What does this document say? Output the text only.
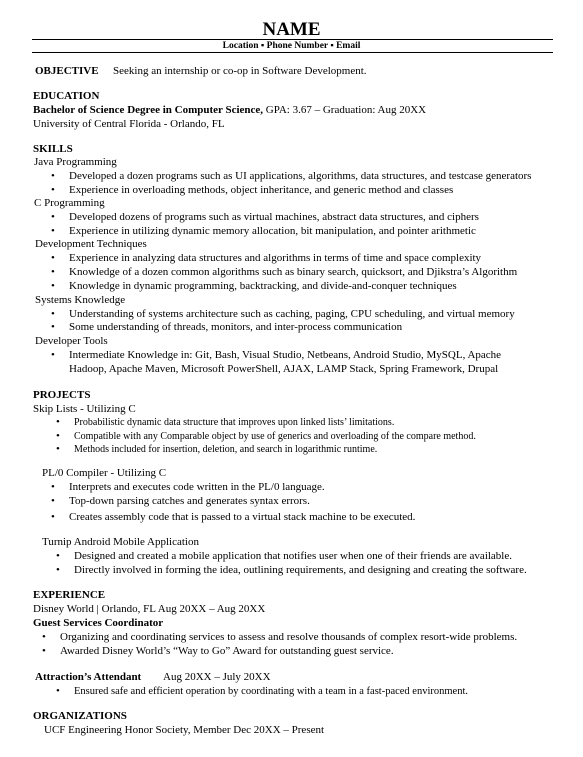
NAME
Location ▪ Phone Number ▪ Email
OBJECTIVE Seeking an internship or co-op in Software Development.
EDUCATION
Bachelor of Science Degree in Computer Science, GPA: 3.67 – Graduation: Aug 20XX
University of Central Florida - Orlando, FL
SKILLS
Java Programming
• Developed a dozen programs such as UI applications, algorithms, data structures, and testcase generators
• Experience in overloading methods, object inheritance, and generic method and classes
C Programming
• Developed dozens of programs such as virtual machines, abstract data structures, and ciphers
• Experience in utilizing dynamic memory allocation, bit manipulation, and pointer arithmetic
Development Techniques
• Experience in analyzing data structures and algorithms in terms of time and space complexity
• Knowledge of a dozen common algorithms such as binary search, quicksort, and Djikstra’s Algorithm
• Knowledge in dynamic programming, backtracking, and divide-and-conquer techniques
Systems Knowledge
• Understanding of systems architecture such as caching, paging, CPU scheduling, and virtual memory
• Some understanding of threads, monitors, and inter-process communication
Developer Tools
• Intermediate Knowledge in: Git, Bash, Visual Studio, Netbeans, Android Studio, MySQL, Apache
Hadoop, Apache Maven, Microsoft PowerShell, AJAX, LAMP Stack, Spring Framework, Drupal
PROJECTS
Skip Lists - Utilizing C
• Probabilistic dynamic data structure that improves upon linked lists’ limitations.
• Compatible with any Comparable object by use of generics and overloading of the compare method.
• Methods included for insertion, deletion, and search in logarithmic runtime.
PL/0 Compiler - Utilizing C
• Interprets and executes code written in the PL/0 language.
• Top-down parsing catches and generates syntax errors.
• Creates assembly code that is passed to a virtual stack machine to be executed.
Turnip Android Mobile Application
• Designed and created a mobile application that notifies user when one of their friends are available.
• Directly involved in forming the idea, outlining requirements, and designing and creating the software.
EXPERIENCE
Disney World | Orlando, FL Aug 20XX – Aug 20XX
Guest Services Coordinator
• Organizing and coordinating services to assess and resolve thousands of complex resort-wide problems.
• Awarded Disney World’s “Way to Go” Award for outstanding guest service.
Attraction’s Attendant Aug 20XX – July 20XX
• Ensured safe and efficient operation by coordinating with a team in a fast-paced environment.
ORGANIZATIONS
UCF Engineering Honor Society, Member Dec 20XX – Present
